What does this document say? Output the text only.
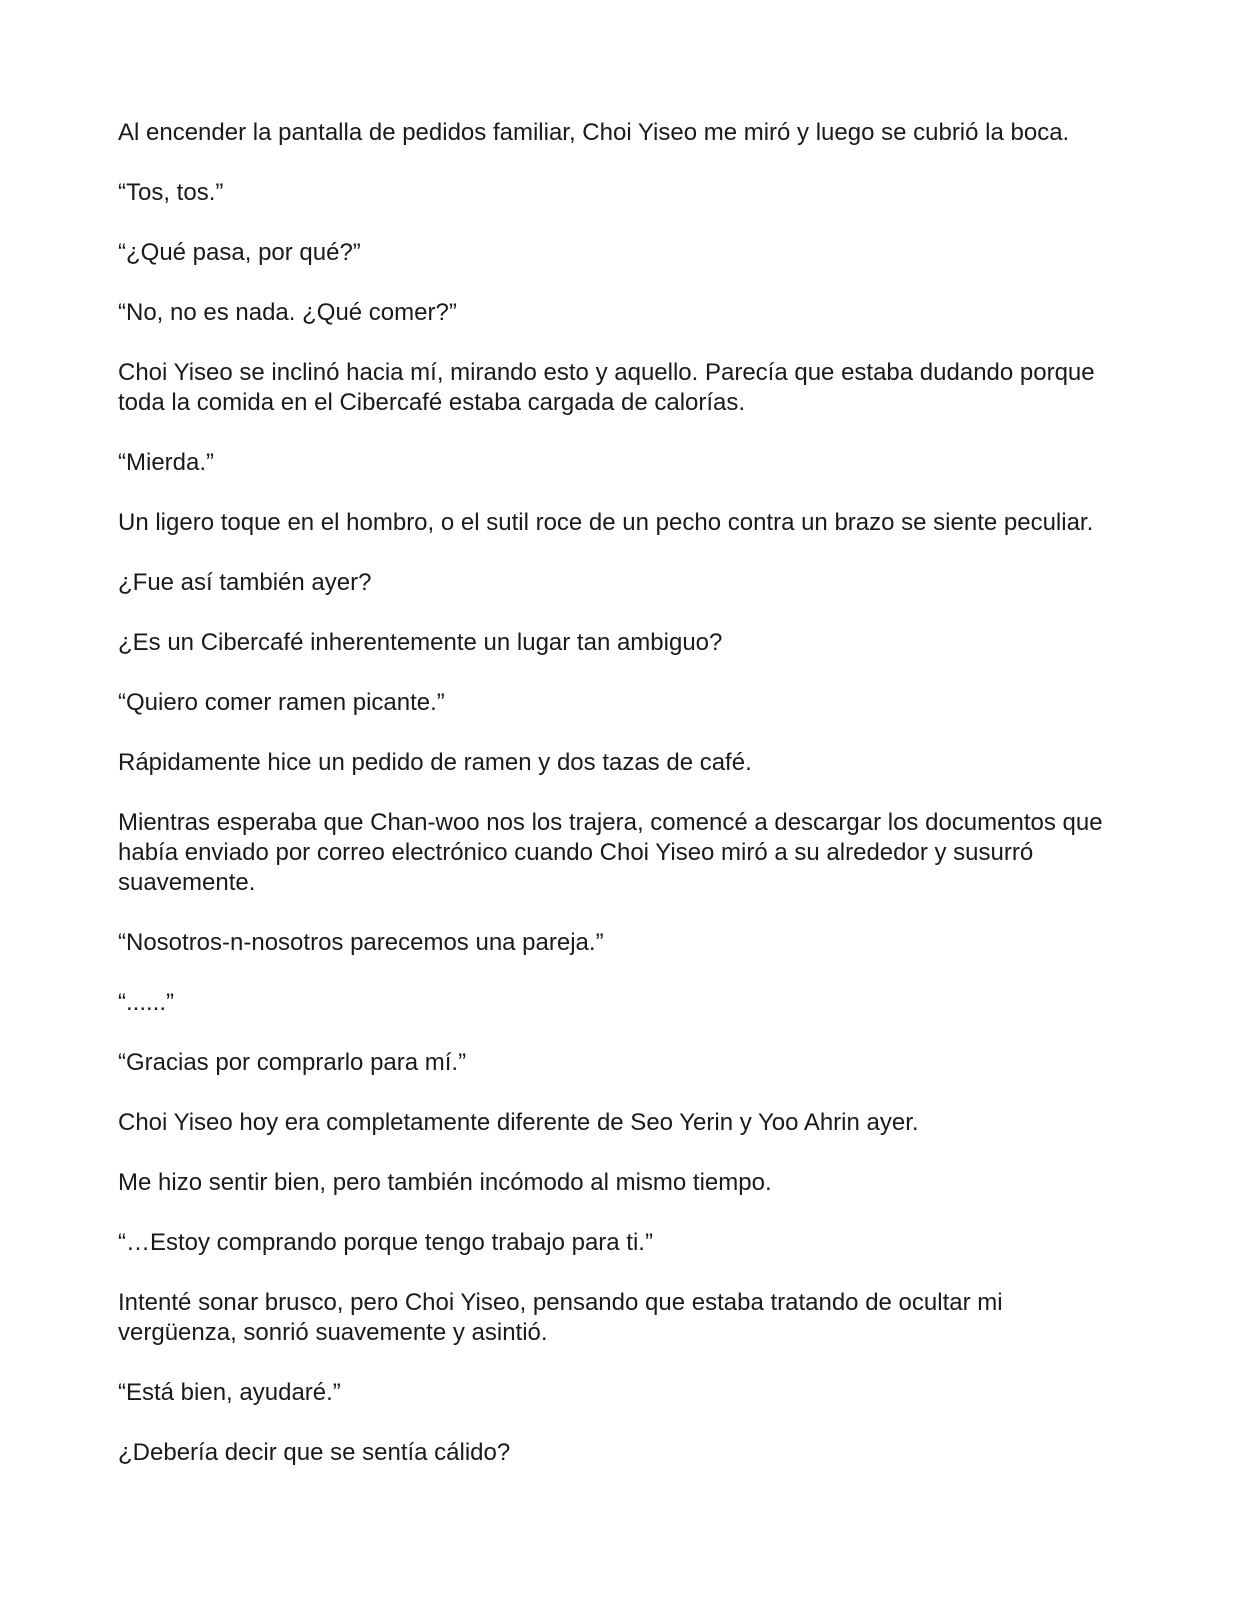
Al encender la pantalla de pedidos familiar, Choi Yiseo me miró y luego se cubrió la boca.

“Tos, tos.”

“¿Qué pasa, por qué?”

“No, no es nada. ¿Qué comer?”

Choi Yiseo se inclinó hacia mí, mirando esto y aquello. Parecía que estaba dudando porque toda la comida en el Cibercafé estaba cargada de calorías.

“Mierda.”

Un ligero toque en el hombro, o el sutil roce de un pecho contra un brazo se siente peculiar.

¿Fue así también ayer?

¿Es un Cibercafé inherentemente un lugar tan ambiguo?

“Quiero comer ramen picante.”

Rápidamente hice un pedido de ramen y dos tazas de café.

Mientras esperaba que Chan-woo nos los trajera, comencé a descargar los documentos que había enviado por correo electrónico cuando Choi Yiseo miró a su alrededor y susurró suavemente.

“Nosotros-n-nosotros parecemos una pareja.”

“......”

“Gracias por comprarlo para mí.”

Choi Yiseo hoy era completamente diferente de Seo Yerin y Yoo Ahrin ayer.

Me hizo sentir bien, pero también incómodo al mismo tiempo.

“…Estoy comprando porque tengo trabajo para ti.”

Intenté sonar brusco, pero Choi Yiseo, pensando que estaba tratando de ocultar mi vergüenza, sonrió suavemente y asintió.

“Está bien, ayudaré.”

¿Debería decir que se sentía cálido?
